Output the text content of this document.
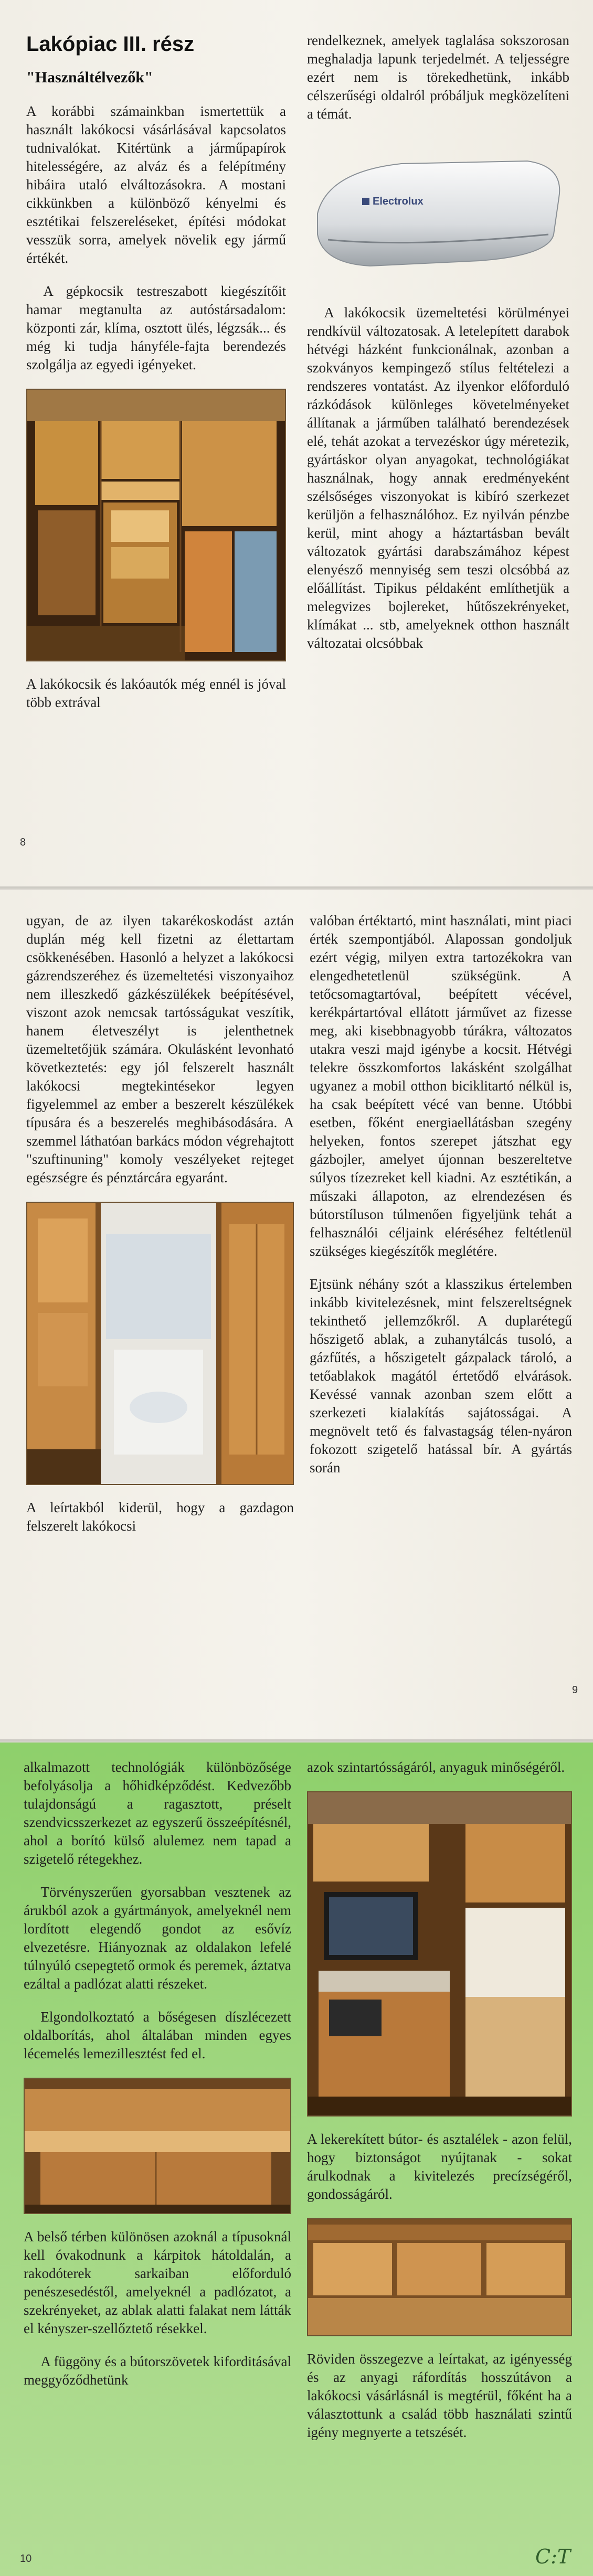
Lakópiac III. rész
"Használtélvezők"

A korábbi számainkban ismertettük a használt lakókocsi vásárlásával kapcsolatos tudnivalókat. Kitértünk a járműpapírok hitelességére, az alváz és a felépítmény hibáira utaló elváltozásokra. A mostani cikkünkben a különböző kényelmi és esztétikai felszereléseket, építési módokat vesszük sorra, amelyek növelik egy jármű értékét.

A gépkocsik testreszabott kiegészítőit hamar megtanulta az autóstársadalom: központi zár, klíma, osztott ülés, légzsák... és még ki tudja hányféle-fajta berendezés szolgálja az egyedi igényeket.

A lakókocsik és lakóautók még ennél is jóval több extrával

rendelkeznek, amelyek taglalása sokszorosan meghaladja lapunk terjedelmét. A teljességre ezért nem is törekedhetünk, inkább célszerűségi oldalról próbáljuk megközelíteni a témát.

Electrolux

A lakókocsik üzemeltetési körülményei rendkívül változatosak. A letelepített darabok hétvégi házként funkcionálnak, azonban a szokványos kempingező stílus feltételezi a rendszeres vontatást. Az ilyenkor előforduló rázkódások különleges követelményeket állítanak a járműben található berendezések elé, tehát azokat a tervezéskor úgy méretezik, gyártáskor olyan anyagokat, technológiákat használnak, hogy annak eredményeként szélsőséges viszonyokat is kibíró szerkezet kerüljön a felhasználóhoz. Ez nyilván pénzbe kerül, mint ahogy a háztartásban bevált változatok gyártási darabszámához képest elenyésző mennyiség sem teszi olcsóbbá az előállítást. Tipikus példaként említhetjük a melegvizes bojlereket, hűtőszekrényeket, klímákat ... stb, amelyeknek otthon használt változatai olcsóbbak

8

ugyan, de az ilyen takarékoskodást aztán duplán még kell fizetni az élettartam csökkenésében. Hasonló a helyzet a lakókocsi gázrendszeréhez és üzemeltetési viszonyaihoz nem illeszkedő gázkészülékek beépítésével, viszont azok nemcsak tartósságukat veszítik, hanem életveszélyt is jelenthetnek üzemeltetőjük számára. Okulásként levonható következtetés: egy jól felszerelt használt lakókocsi megtekintésekor legyen figyelemmel az ember a beszerelt készülékek típusára és a beszerelés meghibásodására. A szemmel láthatóan barkács módon végrehajtott "szuftinuning" komoly veszélyeket rejteget egészségre és pénztárcára egyaránt.

A leírtakból kiderül, hogy a gazdagon felszerelt lakókocsi

valóban értéktartó, mint használati, mint piaci érték szempontjából. Alapossan gondoljuk ezért végig, milyen extra tartozékokra van elengedhetetlenül szükségünk. A tetőcsomagtartóval, beépített vécével, kerékpártartóval ellátott járművet az fizesse meg, aki kisebbnagyobb túrákra, változatos utakra veszi majd igénybe a kocsit. Hétvégi telekre összkomfortos lakásként szolgálhat ugyanez a mobil otthon biciklitartó nélkül is, ha csak beépített vécé van benne. Utóbbi esetben, főként energiaellátásban szegény helyeken, fontos szerepet játszhat egy gázbojler, amelyet újonnan beszereltetve súlyos tízezreket kell kiadni. Az esztétikán, a műszaki állapoton, az elrendezésen és bútorstíluson túlmenően figyeljünk tehát a felhasználói céljaink eléréséhez feltétlenül szükséges kiegészítők meglétére.

Ejtsünk néhány szót a klasszikus értelemben inkább kivitelezésnek, mint felszereltségnek tekinthető jellemzőkről. A duplarétegű hőszigető ablak, a zuhanytálcás tusoló, a gázfűtés, a hőszigetelt gázpalack tároló, a tetőablakok magától értetődő elvárások. Kevéssé vannak azonban szem előtt a szerkezeti kialakítás sajátosságai. A megnövelt tető és falvastagság télen-nyáron fokozott szigetelő hatással bír. A gyártás során

9

alkalmazott technológiák különbözősége befolyásolja a hőhidképződést. Kedvezőbb tulajdonságú a ragasztott, préselt szendvicsszerkezet az egyszerű összeépítésnél, ahol a borító külső alulemez nem tapad a szigetelő rétegekhez.

Törvényszerűen gyorsabban vesztenek az árukból azok a gyártmányok, amelyeknél nem lordított elegendő gondot az esővíz elvezetésre. Hiányoznak az oldalakon lefelé túlnyúló csepegtető ormok és peremek, áztatva ezáltal a padlózat alatti részeket.

Elgondolkoztató a bőségesen díszlécezett oldalborítás, ahol általában minden egyes lécemelés lemezillesztést fed el.

A belső térben különösen azoknál a típusoknál kell óvakodnunk a kárpitok hátoldalán, a rakodóterek sarkaiban előforduló penészesedéstől, amelyeknél a padlózatot, a szekrényeket, az ablak alatti falakat nem látták el kényszer-szellőztető résekkel.

A függöny és a bútorszövetek kiforditásával meggyőződhetünk

azok szintartósságáról, anyaguk minőségéről.

A lekerekített bútor- és asztalélek - azon felül, hogy biztonságot nyújtanak - sokat árulkodnak a kivitelezés precízségéről, gondosságáról.

Röviden összegezve a leírtakat, az igényesség és az anyagi ráfordítás hosszútávon a lakókocsi vásárlásnál is megtérül, főként ha a választottunk a család több használati szintű igény megnyerte a tetszését.

10	C:T
